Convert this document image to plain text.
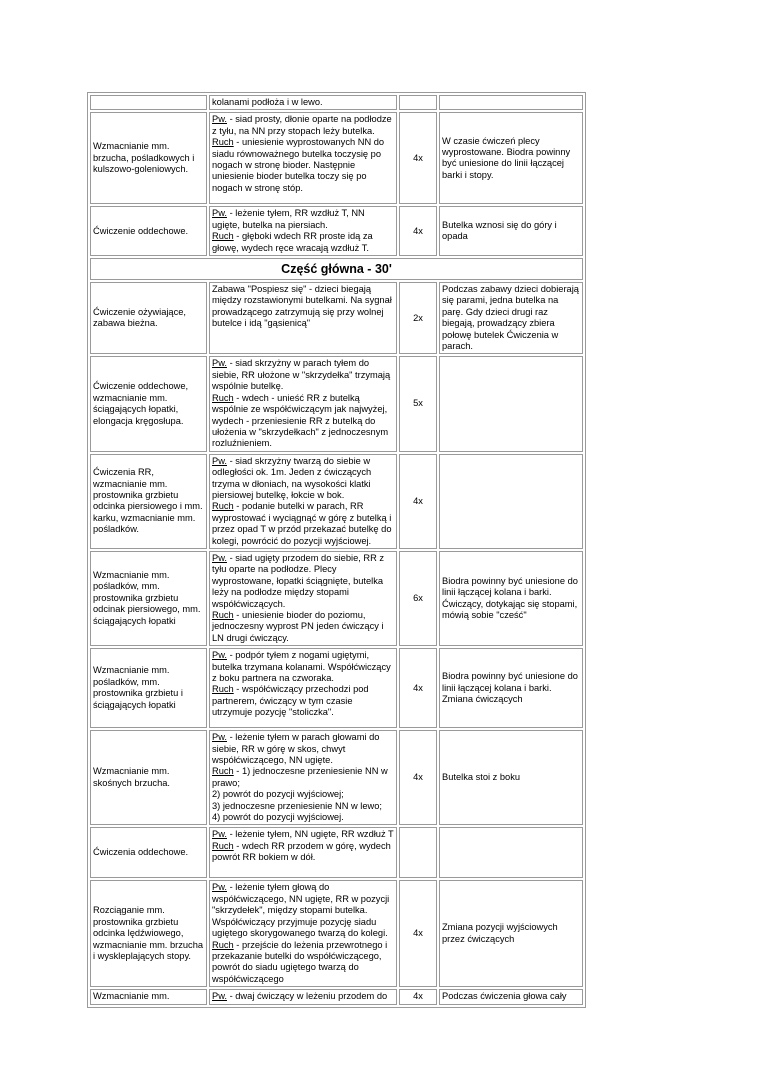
	kolanami podłoża i w lewo.		

Wzmacnianie mm. brzucha, pośladkowych i kulszowo-goleniowych.	Pw. - siad prosty, dłonie oparte na podłodze z tyłu, na NN przy stopach leży butelka.
Ruch - uniesienie wyprostowanych NN do siadu równoważnego butelka toczysię po nogach w stronę bioder. Następnie uniesienie bioder butelka toczy się po nogach w stronę stóp.	4x	W czasie ćwiczeń plecy wyprostowane. Biodra powinny być uniesione do linii łączącej barki i stopy.
Ćwiczenie oddechowe.	Pw. - leżenie tyłem, RR wzdłuż T, NN ugięte, butelka na piersiach.
Ruch - głęboki wdech RR proste idą za głowę, wydech ręce wracają wzdłuż T.	4x	Butelka wznosi się do góry i opada
Część główna - 30'			
Ćwiczenie ożywiające, zabawa bieżna.	Zabawa "Pospiesz się" - dzieci biegają między rozstawionymi butelkami. Na sygnał prowadzącego zatrzymują się przy wolnej butelce i idą "gąsienicą"	2x	Podczas zabawy dzieci dobierają się parami, jedna butelka na parę. Gdy dzieci drugi raz biegają, prowadzący zbiera połowę butelek Ćwiczenia w parach.
Ćwiczenie oddechowe, wzmacnianie mm. ściągających łopatki, elongacja kręgosłupa.	Pw. - siad skrzyżny w parach tyłem do siebie, RR ułożone w "skrzydełka" trzymają wspólnie butelkę.
Ruch - wdech - unieść RR z butelką wspólnie ze współćwiczącym jak najwyżej, wydech - przeniesienie RR z butelką do ułożenia w "skrzydełkach" z jednoczesnym rozluźnieniem.	5x	
Ćwiczenia RR, wzmacnianie mm. prostownika grzbietu odcinka piersiowego i mm. karku, wzmacnianie mm. pośladków.	Pw. - siad skrzyżny twarzą do siebie w odległości ok. 1m. Jeden z ćwiczących trzyma w dłoniach, na wysokości klatki piersiowej butelkę, łokcie w bok.
Ruch - podanie butelki w parach, RR wyprostować i wyciągnąć w górę z butelką i przez opad T w przód przekazać butelkę do kolegi, powrócić do pozycji wyjściowej.	4x	
Wzmacnianie mm. pośladków, mm. prostownika grzbietu odcinak piersiowego, mm. ściągających łopatki	Pw. - siad ugięty przodem do siebie, RR z tyłu oparte na podłodze. Plecy wyprostowane, łopatki ściągnięte, butelka leży na podłodze między stopami współćwiczących.
Ruch - uniesienie bioder do poziomu, jednoczesny wyprost PN jeden ćwiczący i LN drugi ćwiczący.	6x	Biodra powinny być uniesione do linii łączącej kolana i barki. Ćwiczący, dotykając się stopami, mówią sobie "cześć"
Wzmacnianie mm. pośladków, mm. prostownika grzbietu i ściągających łopatki	Pw. - podpór tyłem z nogami ugiętymi, butelka trzymana kolanami. Współćwiczący z boku partnera na czworaka.
Ruch - współćwiczący przechodzi pod partnerem, ćwiczący w tym czasie utrzymuje pozycję "stoliczka".	4x	Biodra powinny być uniesione do linii łączącej kolana i barki. Zmiana ćwiczących
Wzmacnianie mm. skośnych brzucha.	Pw. - leżenie tyłem w parach głowami do siebie, RR w górę w skos, chwyt współćwiczącego, NN ugięte.
Ruch - 1) jednoczesne przeniesienie NN w prawo;
2) powrót do pozycji wyjściowej;
3) jednoczesne przeniesienie NN w lewo;
4) powrót do pozycji wyjściowej.	4x	Butelka stoi z boku
Ćwiczenia oddechowe.	Pw. - leżenie tyłem, NN ugięte, RR wzdłuż T
Ruch - wdech RR przodem w górę, wydech powrót RR bokiem w dół.		

Rozciąganie mm. prostownika grzbietu odcinka lędźwiowego, wzmacnianie mm. brzucha i wyskleplających stopy.	Pw. - leżenie tyłem głową do współćwiczącego, NN ugięte, RR w pozycji "skrzydełek", między stopami butelka. Współćwiczący przyjmuje pozycję siadu ugiętego skorygowanego twarzą do kolegi.
Ruch - przejście do leżenia przewrotnego i przekazanie butelki do współćwiczącego, powrót do siadu ugiętego twarzą do współćwiczącego	4x	Zmiana pozycji wyjściowych przez ćwiczących
Wzmacnianie mm.	Pw. - dwaj ćwiczący w leżeniu przodem do	4x	Podczas ćwiczenia głowa cały
